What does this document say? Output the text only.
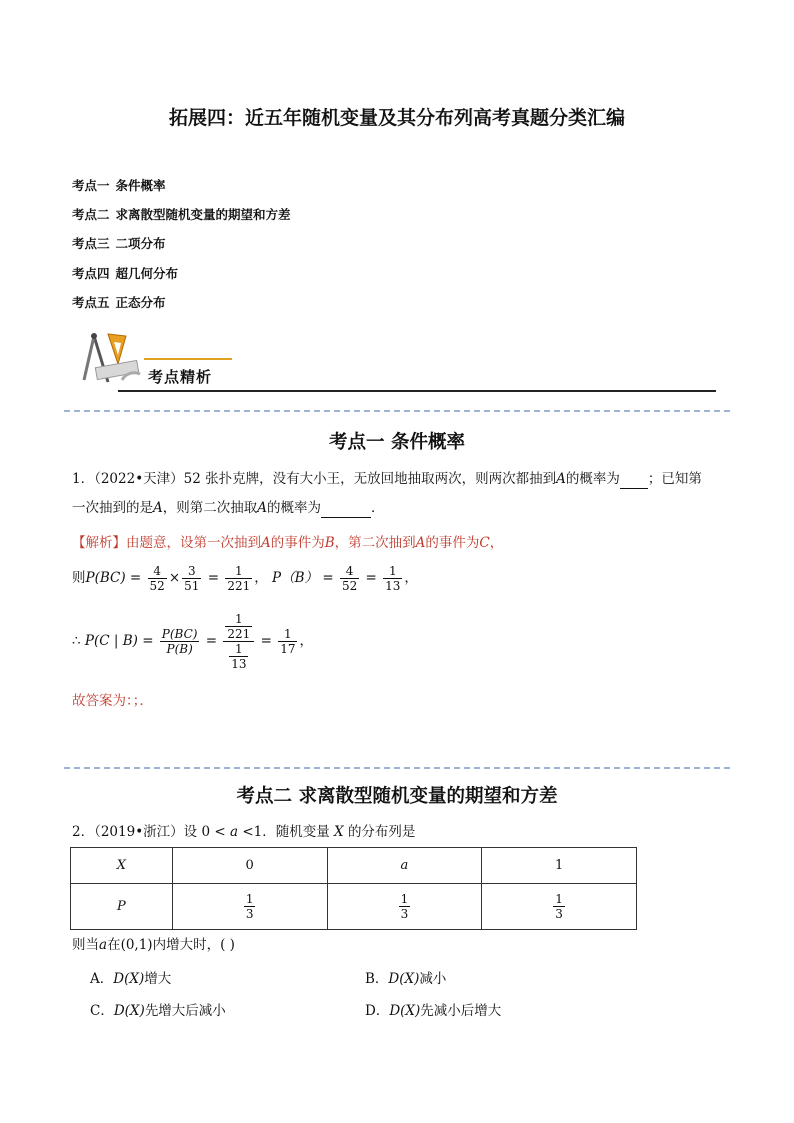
拓展四：近五年随机变量及其分布列高考真题分类汇编
考点一 条件概率
考点二 求离散型随机变量的期望和方差
考点三 二项分布
考点四 超几何分布
考点五 正态分布
考点精析
考点一 条件概率
1．（2022•天津）52 张扑克牌，没有大小王，无放回地抽取两次，则两次都抽到A的概率为 ；已知第
一次抽到的是A，则第二次抽取A的概率为	．
【解析】由题意，设第一次抽到A的事件为B，第二次抽到A的事件为C，
则$P(BC) = \frac{4}{52} \times \frac{3}{51} = \frac{1}{221}$ ， $P(B) = \frac{4}{52} = \frac{1}{13}$ ，
∴ P(C | $B) = \frac{P(BC)}{P(B)} = \frac{\frac{1}{221}}{\frac{1}{13}} = \frac{1}{17}$ ，
故答案为：；．
考点二 求离散型随机变量的期望和方差
2．（2019•浙江）设 0 < a <1．随机变量 X 的分布列是
X	0	a	1
P	$\frac{1}{3}$	$\frac{1}{3}$	$\frac{1}{3}$
则当a在(0,1)内增大时，( )
A．D(X)增大	B．D(X)减小
C．D(X)先增大后减小	D．D(X)先减小后增大
